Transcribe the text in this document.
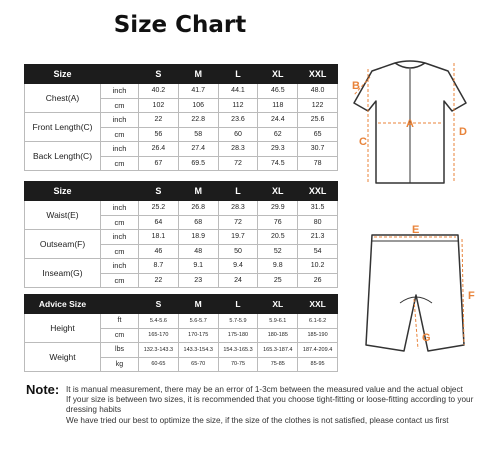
Size Chart
Size		S	M	L	XL	XXL
Chest(A)	inch	40.2	41.7	44.1	46.5	48.0
	cm	102	106	112	118	122
Front Length(C)	inch	22	22.8	23.6	24.4	25.6
	cm	56	58	60	62	65
Back Length(C)	inch	26.4	27.4	28.3	29.3	30.7
	cm	67	69.5	72	74.5	78
Size		S	M	L	XL	XXL
Waist(E)	inch	25.2	26.8	28.3	29.9	31.5
	cm	64	68	72	76	80
Outseam(F)	inch	18.1	18.9	19.7	20.5	21.3
	cm	46	48	50	52	54
Inseam(G)	inch	8.7	9.1	9.4	9.8	10.2
	cm	22	23	24	25	26
Advice Size		S	M	L	XL	XXL
Height	ft	5.4-5.6	5.6-5.7	5.7-5.9	5.9-6.1	6.1-6.2
	cm	165-170	170-175	175-180	180-185	185-190
Weight	lbs	132.3-143.3	143.3-154.3	154.3-165.3	165.3-187.4	187.4-209.4
	kg	60-65	65-70	70-75	75-85	85-95
B
A
C
D
E
F
G
Note: It is manual measurement, there may be an error of 1-3cm between the measured value and the actual object

If your size is between two sizes, it is recommended that you choose tight-fitting or loose-fitting according to your dressing habits

We have tried our best to optimize the size, if the size of the clothes is not satisfied, please contact us first
